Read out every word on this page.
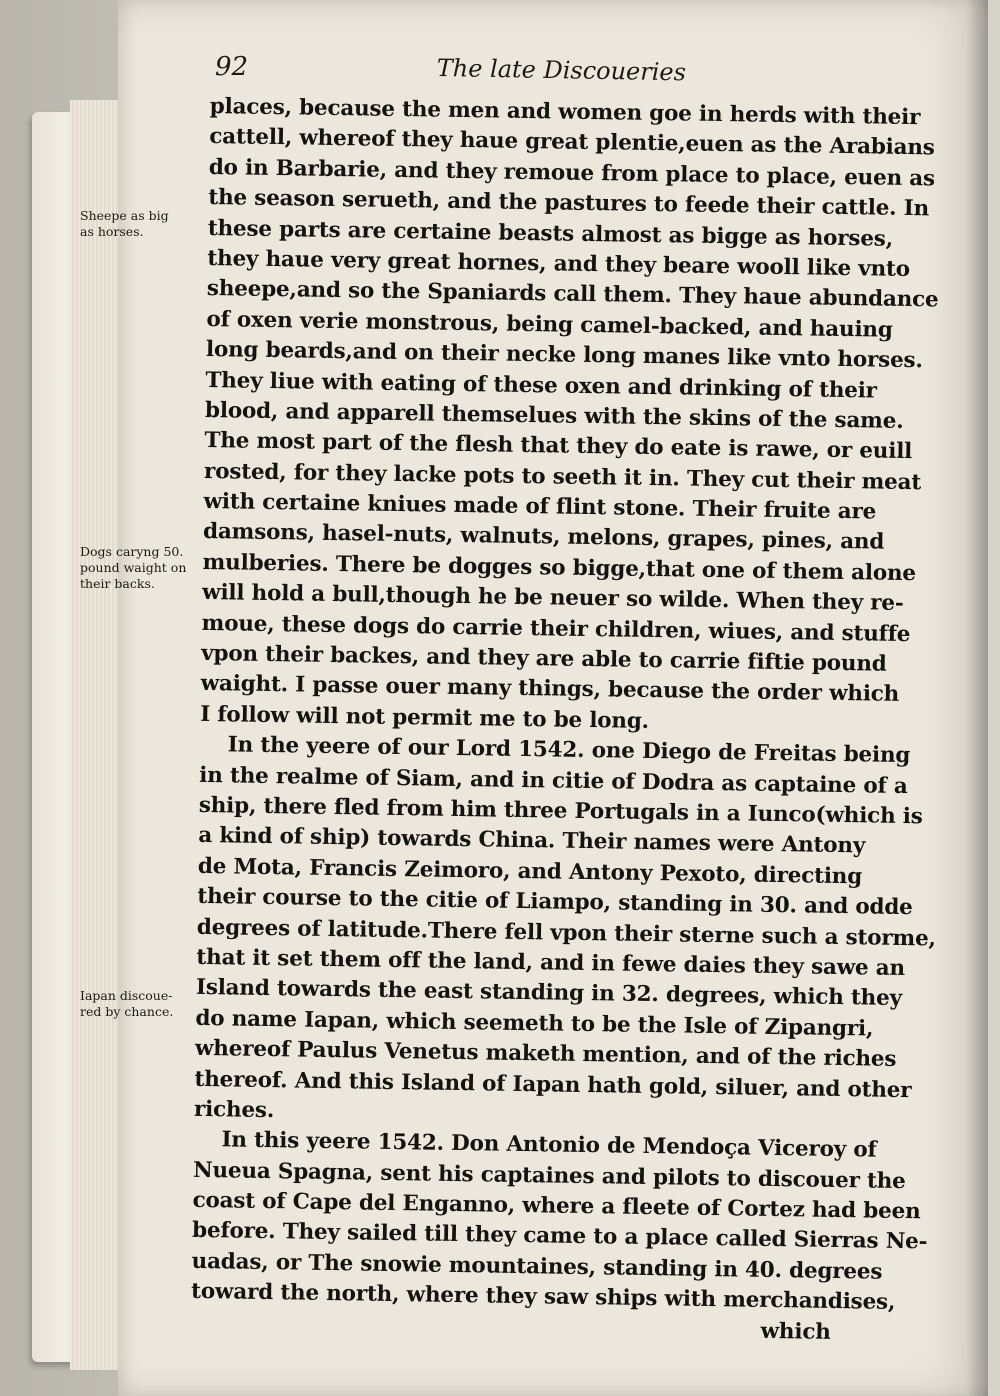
92	The late Discoueries
Sheepe as big
as horses.
Dogs caryng 50.
pound waight on
their backs.
Iapan discoue-
red by chance.
places, because the men and women goe in herds with their
cattell, whereof they haue great plentie,euen as the Arabians
do in Barbarie, and they remoue from place to place, euen as
the season serueth, and the pastures to feede their cattle. In
these parts are certaine beasts almost as bigge as horses,
they haue very great hornes, and they beare wooll like vnto
sheepe,and so the Spaniards call them. They haue abundance
of oxen verie monstrous, being camel-backed, and hauing
long beards,and on their necke long manes like vnto horses.
They liue with eating of these oxen and drinking of their
blood, and apparell themselues with the skins of the same.
The most part of the flesh that they do eate is rawe, or euill
rosted, for they lacke pots to seeth it in. They cut their meat
with certaine kniues made of flint stone. Their fruite are
damsons, hasel-nuts, walnuts, melons, grapes, pines, and
mulberies. There be dogges so bigge,that one of them alone
will hold a bull,though he be neuer so wilde. When they re-
moue, these dogs do carrie their children, wiues, and stuffe
vpon their backes, and they are able to carrie fiftie pound
waight. I passe ouer many things, because the order which
I follow will not permit me to be long.
In the yeere of our Lord 1542. one Diego de Freitas being
in the realme of Siam, and in citie of Dodra as captaine of a
ship, there fled from him three Portugals in a Iunco(which is
a kind of ship) towards China. Their names were Antony
de Mota, Francis Zeimoro, and Antony Pexoto, directing
their course to the citie of Liampo, standing in 30. and odde
degrees of latitude.There fell vpon their sterne such a storme,
that it set them off the land, and in fewe daies they sawe an
Island towards the east standing in 32. degrees, which they
do name Iapan, which seemeth to be the Isle of Zipangri,
whereof Paulus Venetus maketh mention, and of the riches
thereof. And this Island of Iapan hath gold, siluer, and other
riches.
In this yeere 1542. Don Antonio de Mendoça Viceroy of
Nueua Spagna, sent his captaines and pilots to discouer the
coast of Cape del Enganno, where a fleete of Cortez had been
before. They sailed till they came to a place called Sierras Ne-
uadas, or The snowie mountaines, standing in 40. degrees
toward the north, where they saw ships with merchandises,
which
